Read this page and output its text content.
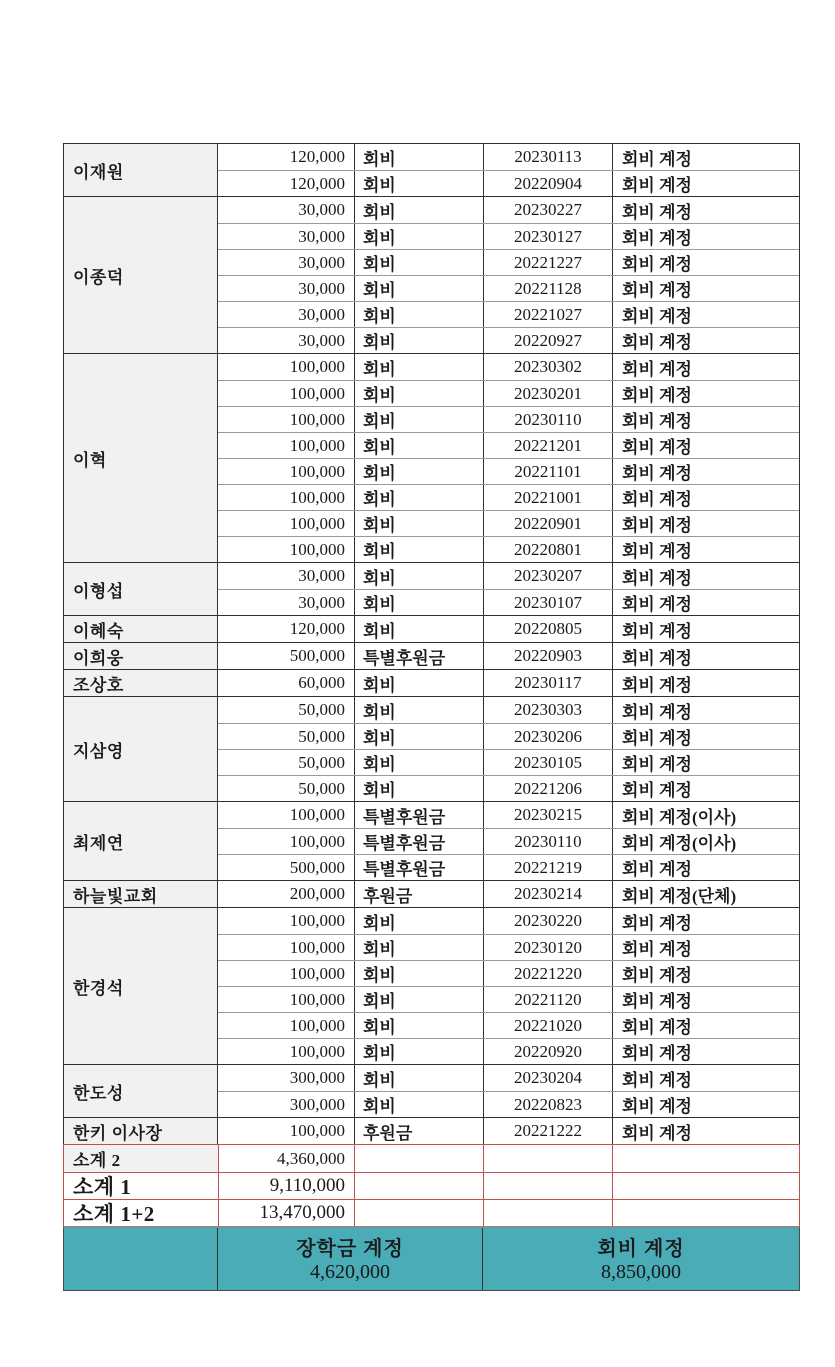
이재원
120,000	회비	20230113	회비 계정
120,000	회비	20220904	회비 계정
이종덕
30,000	회비	20230227	회비 계정
30,000	회비	20230127	회비 계정
30,000	회비	20221227	회비 계정
30,000	회비	20221128	회비 계정
30,000	회비	20221027	회비 계정
30,000	회비	20220927	회비 계정
이혁
100,000	회비	20230302	회비 계정
100,000	회비	20230201	회비 계정
100,000	회비	20230110	회비 계정
100,000	회비	20221201	회비 계정
100,000	회비	20221101	회비 계정
100,000	회비	20221001	회비 계정
100,000	회비	20220901	회비 계정
100,000	회비	20220801	회비 계정
이형섭
30,000	회비	20230207	회비 계정
30,000	회비	20230107	회비 계정
이혜숙	120,000	회비	20220805	회비 계정
이희웅	500,000	특별후원금	20220903	회비 계정
조상호	60,000	회비	20230117	회비 계정
지삼영
50,000	회비	20230303	회비 계정
50,000	회비	20230206	회비 계정
50,000	회비	20230105	회비 계정
50,000	회비	20221206	회비 계정
최제연
100,000	특별후원금	20230215	회비 계정(이사)
100,000	특별후원금	20230110	회비 계정(이사)
500,000	특별후원금	20221219	회비 계정
하늘빛교회	200,000	후원금	20230214	회비 계정(단체)
한경석
100,000	회비	20230220	회비 계정
100,000	회비	20230120	회비 계정
100,000	회비	20221220	회비 계정
100,000	회비	20221120	회비 계정
100,000	회비	20221020	회비 계정
100,000	회비	20220920	회비 계정
한도성
300,000	회비	20230204	회비 계정
300,000	회비	20220823	회비 계정
한키 이사장	100,000	후원금	20221222	회비 계정
소계 2	4,360,000
소계 1	9,110,000
소계 1+2	13,470,000
장학금 계정
4,620,000
회비 계정
8,850,000
